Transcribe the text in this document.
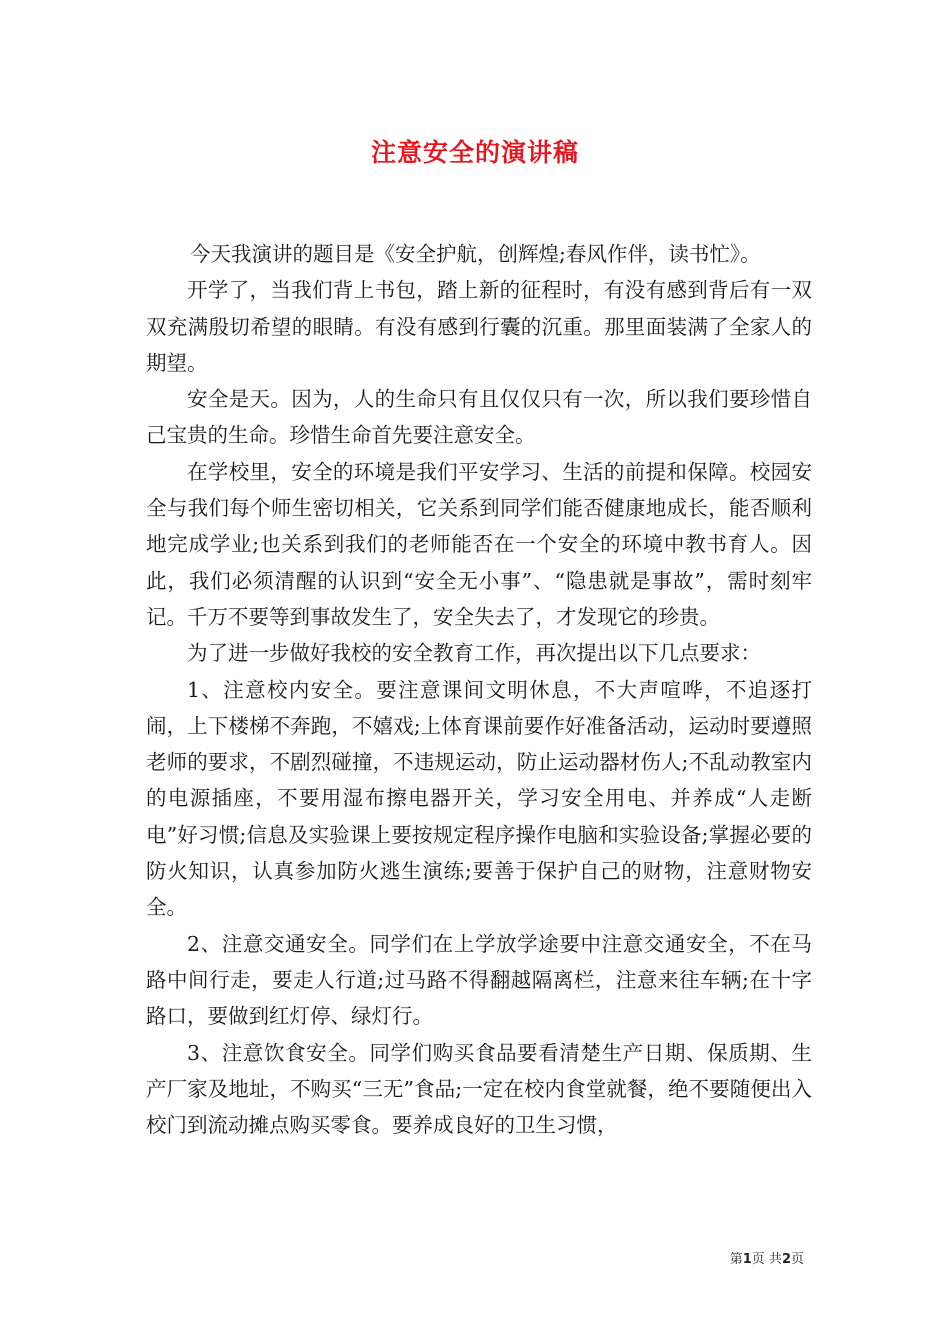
注意安全的演讲稿

今天我演讲的题目是《安全护航，创辉煌;春风作伴，读书忙》。

开学了，当我们背上书包，踏上新的征程时，有没有感到背后有一双双充满殷切希望的眼睛。有没有感到行囊的沉重。那里面装满了全家人的期望。

安全是天。因为，人的生命只有且仅仅只有一次，所以我们要珍惜自己宝贵的生命。珍惜生命首先要注意安全。

在学校里，安全的环境是我们平安学习、生活的前提和保障。校园安全与我们每个师生密切相关，它关系到同学们能否健康地成长，能否顺利地完成学业;也关系到我们的老师能否在一个安全的环境中教书育人。因此，我们必须清醒的认识到“安全无小事”、“隐患就是事故”，需时刻牢记。千万不要等到事故发生了，安全失去了，才发现它的珍贵。

为了进一步做好我校的安全教育工作，再次提出以下几点要求：

1、注意校内安全。要注意课间文明休息，不大声喧哗，不追逐打闹，上下楼梯不奔跑，不嬉戏;上体育课前要作好准备活动，运动时要遵照老师的要求，不剧烈碰撞，不违规运动，防止运动器材伤人;不乱动教室内的电源插座，不要用湿布擦电器开关，学习安全用电、并养成“人走断电”好习惯;信息及实验课上要按规定程序操作电脑和实验设备;掌握必要的防火知识，认真参加防火逃生演练;要善于保护自己的财物，注意财物安全。

2、注意交通安全。同学们在上学放学途要中注意交通安全，不在马路中间行走，要走人行道;过马路不得翻越隔离栏，注意来往车辆;在十字路口，要做到红灯停、绿灯行。

3、注意饮食安全。同学们购买食品要看清楚生产日期、保质期、生产厂家及地址，不购买“三无”食品;一定在校内食堂就餐，绝不要随便出入校门到流动摊点购买零食。要养成良好的卫生习惯，

第1页 共2页
